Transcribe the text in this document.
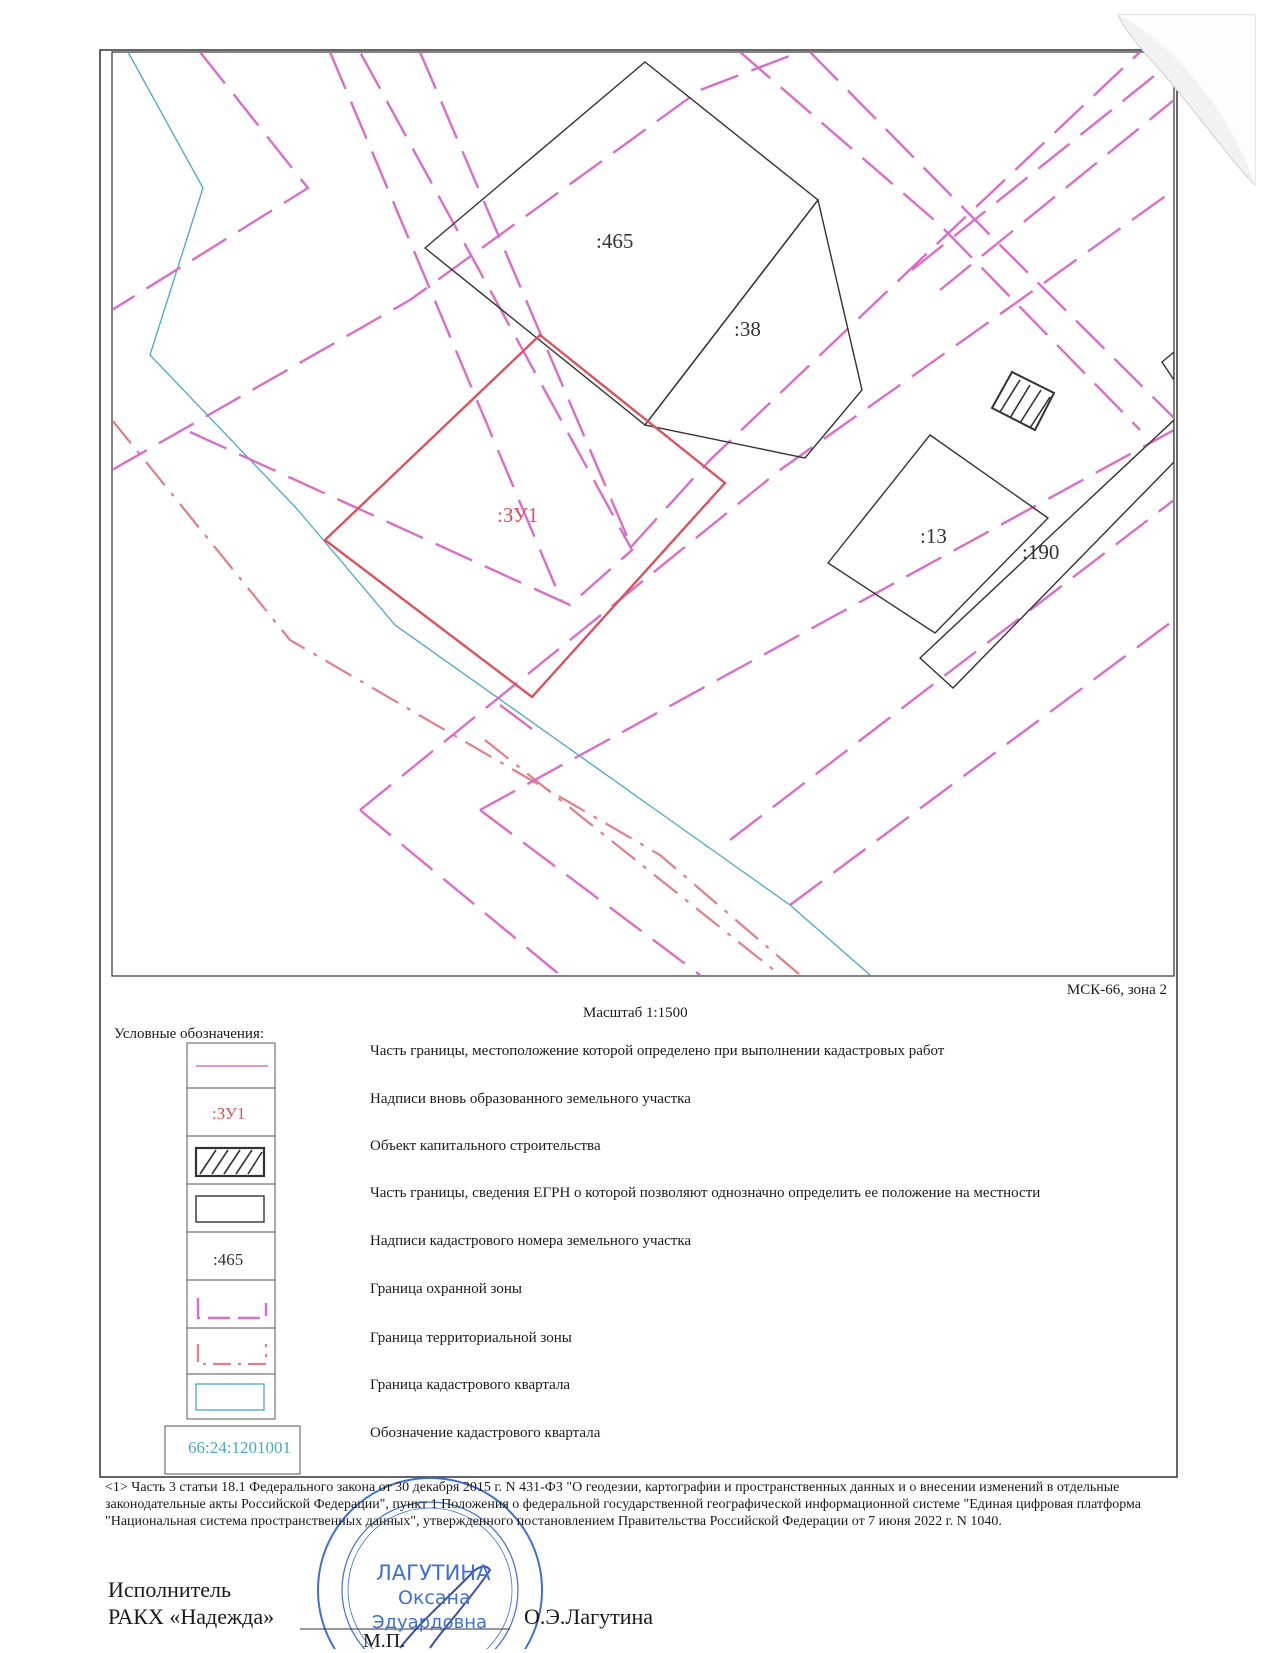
:465
:38
:13
:190
:ЗУ1
МСК-66, зона 2
Масштаб 1:1500
Условные обозначения:
:ЗУ1
:465
66:24:1201001
Часть границы, местоположение которой определено при выполнении кадастровых работ
Надписи вновь образованного земельного участка
Объект капитального строительства
Часть границы, сведения ЕГРН о которой позволяют однозначно определить ее положение на местности
Надписи кадастрового номера земельного участка
Граница охранной зоны
Граница территориальной зоны
Граница кадастрового квартала
Обозначение кадастрового квартала
<1> Часть 3 статьи 18.1 Федерального закона от 30 декабря 2015 г. N 431-ФЗ "О геодезии, картографии и пространственных данных и о внесении изменений в отдельные законодательные акты Российской Федерации", пункт 1 Положения о федеральной государственной географической информационной системе "Единая цифровая платформа "Национальная система пространственных данных", утвержденного постановлением Правительства Российской Федерации от 7 июня 2022 г. N 1040.
ЛАГУТИНА
Оксана
Эдуардовна
Исполнитель
РАКХ «Надежда»	О.Э.Лагутина
М.П.
